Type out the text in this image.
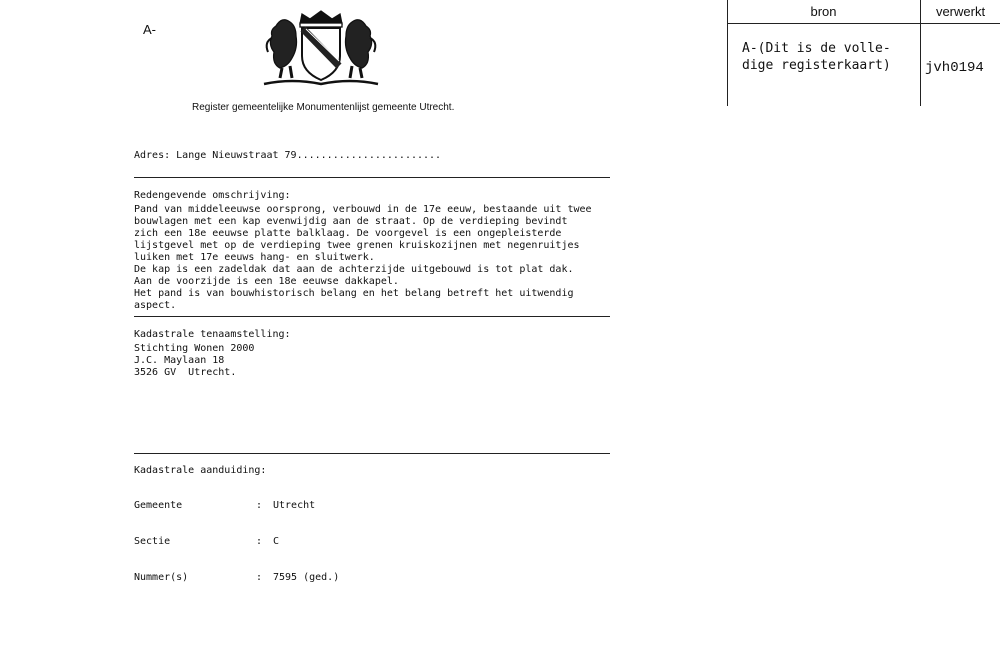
A-
Register gemeentelijke Monumentenlijst gemeente Utrecht.
bron	verwerkt
A-(Dit is de volle-
dige registerkaart) jvh0194
Adres: Lange Nieuwstraat 79........................
Redengevende omschrijving:
Pand van middeleeuwse oorsprong, verbouwd in de 17e eeuw, bestaande uit twee
bouwlagen met een kap evenwijdig aan de straat. Op de verdieping bevindt
zich een 18e eeuwse platte balklaag. De voorgevel is een ongepleisterde
lijstgevel met op de verdieping twee grenen kruiskozijnen met negenruitjes
luiken met 17e eeuws hang- en sluitwerk.
De kap is een zadeldak dat aan de achterzijde uitgebouwd is tot plat dak.
Aan de voorzijde is een 18e eeuwse dakkapel.
Het pand is van bouwhistorisch belang en het belang betreft het uitwendig
aspect.
Kadastrale tenaamstelling:
Stichting Wonen 2000
J.C. Maylaan 18
3526 GV  Utrecht.
Kadastrale aanduiding:

Gemeente	: Utrecht

Sectie	: C

Nummer(s)	: 7595 (ged.)
